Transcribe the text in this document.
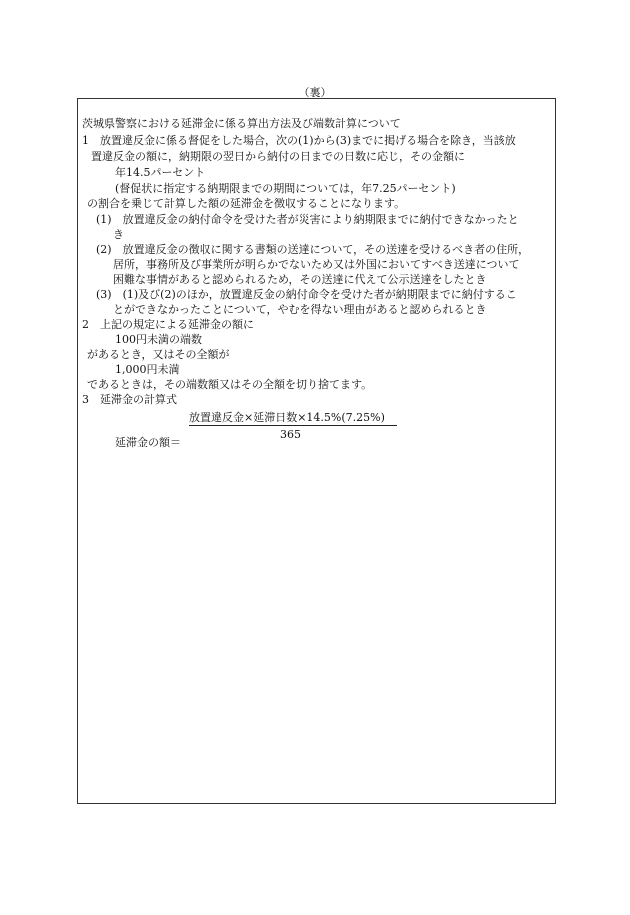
（裏）
茨城県警察における延滞金に係る算出方法及び端数計算について
1　放置違反金に係る督促をした場合，次の(1)から(3)までに掲げる場合を除き，当該放
置違反金の額に，納期限の翌日から納付の日までの日数に応じ，その金額に
年14.5パーセント
(督促状に指定する納期限までの期間については，年7.25パーセント)
の割合を乗じて計算した額の延滞金を徴収することになります。
(1)　放置違反金の納付命令を受けた者が災害により納期限までに納付できなかったと
き
(2)　放置違反金の徴収に関する書類の送達について，その送達を受けるべき者の住所，
居所，事務所及び事業所が明らかでないため又は外国においてすべき送達について
困難な事情があると認められるため，その送達に代えて公示送達をしたとき
(3)　(1)及び(2)のほか，放置違反金の納付命令を受けた者が納期限までに納付するこ
とができなかったことについて，やむを得ない理由があると認められるとき
2　上記の規定による延滞金の額に
100円未満の端数
があるとき，又はその全額が
1,000円未満
であるときは，その端数額又はその全額を切り捨てます。
3　延滞金の計算式
延滞金の額＝
放置違反金×延滞日数×14.5%(7.25%)
365
